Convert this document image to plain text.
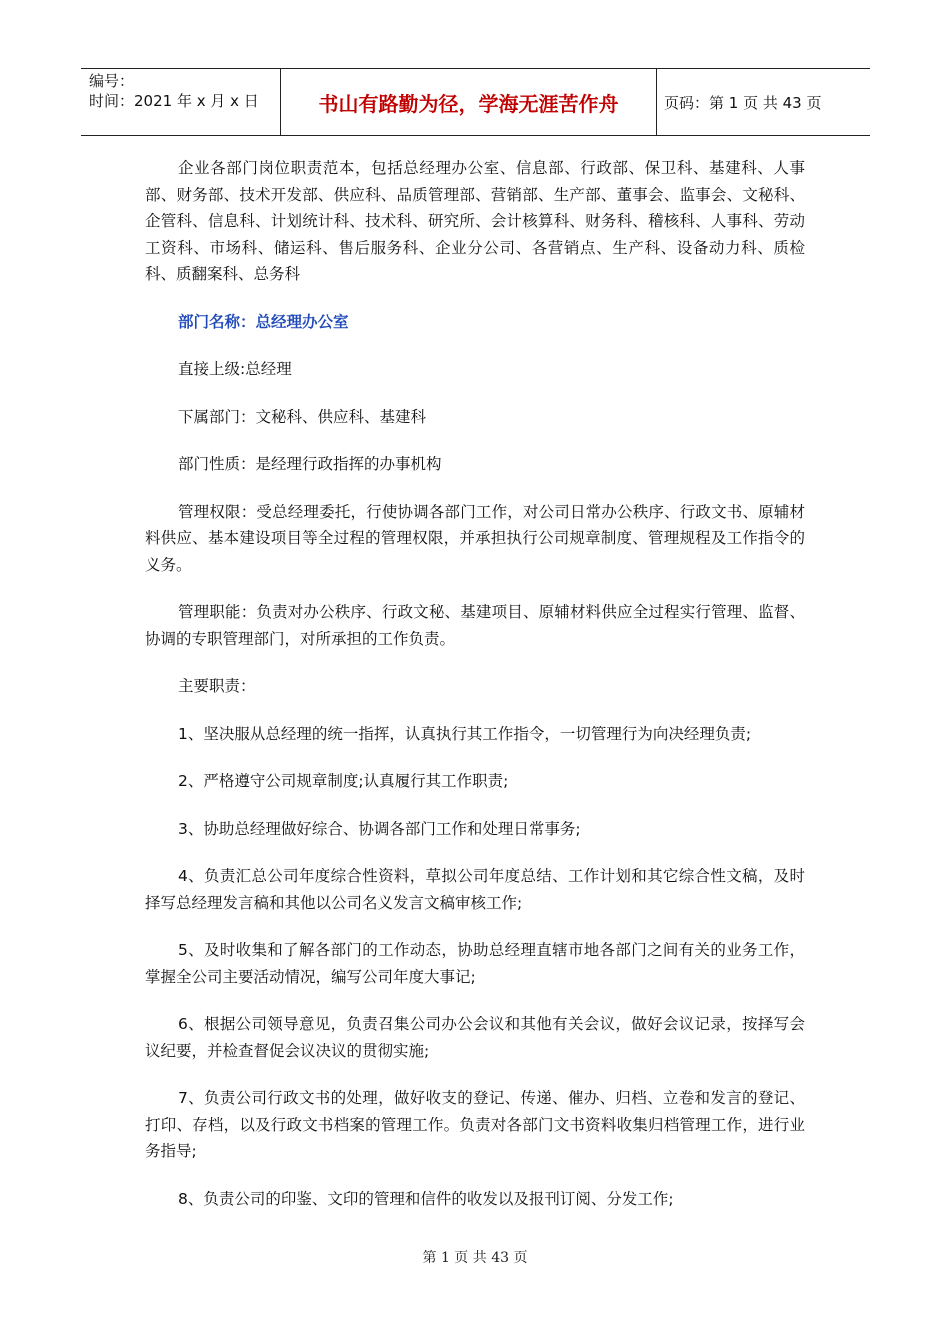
编号：
时间：2021 年 x 月 x 日	书山有路勤为径，学海无涯苦作舟	页码：第 1 页 共 43 页

企业各部门岗位职责范本，包括总经理办公室、信息部、行政部、保卫科、基建科、人事部、财务部、技术开发部、供应科、品质管理部、营销部、生产部、董事会、监事会、文秘科、企管科、信息科、计划统计科、技术科、研究所、会计核算科、财务科、稽核科、人事科、劳动工资科、市场科、储运科、售后服务科、企业分公司、各营销点、生产科、设备动力科、质检科、质翻案科、总务科

部门名称：总经理办公室

直接上级:总经理

下属部门：文秘科、供应科、基建科

部门性质：是经理行政指挥的办事机构

管理权限：受总经理委托，行使协调各部门工作，对公司日常办公秩序、行政文书、原辅材料供应、基本建设项目等全过程的管理权限，并承担执行公司规章制度、管理规程及工作指令的义务。

管理职能：负责对办公秩序、行政文秘、基建项目、原辅材料供应全过程实行管理、监督、协调的专职管理部门，对所承担的工作负责。

主要职责：

1、坚决服从总经理的统一指挥，认真执行其工作指令，一切管理行为向决经理负责;

2、严格遵守公司规章制度;认真履行其工作职责;

3、协助总经理做好综合、协调各部门工作和处理日常事务;

4、负责汇总公司年度综合性资料，草拟公司年度总结、工作计划和其它综合性文稿，及时择写总经理发言稿和其他以公司名义发言文稿审核工作;

5、及时收集和了解各部门的工作动态，协助总经理直辖市地各部门之间有关的业务工作，掌握全公司主要活动情况，编写公司年度大事记;

6、根据公司领导意见，负责召集公司办公会议和其他有关会议，做好会议记录，按择写会议纪要，并检查督促会议决议的贯彻实施;

7、负责公司行政文书的处理，做好收支的登记、传递、催办、归档、立卷和发言的登记、打印、存档，以及行政文书档案的管理工作。负责对各部门文书资料收集归档管理工作，进行业务指导;

8、负责公司的印鉴、文印的管理和信件的收发以及报刊订阅、分发工作;

第 1 页 共 43 页
